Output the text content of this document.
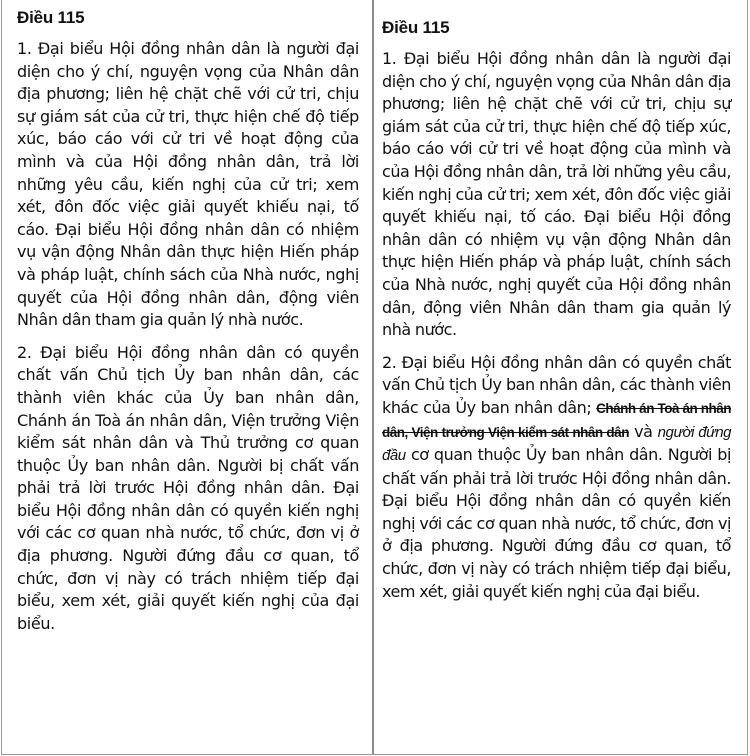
Điều 115

1. Đại biểu Hội đồng nhân dân là người đại diện cho ý chí, nguyện vọng của Nhân dân địa phương; liên hệ chặt chẽ với cử tri, chịu sự giám sát của cử tri, thực hiện chế độ tiếp xúc, báo cáo với cử tri về hoạt động của mình và của Hội đồng nhân dân, trả lời những yêu cầu, kiến nghị của cử tri; xem xét, đôn đốc việc giải quyết khiếu nại, tố cáo. Đại biểu Hội đồng nhân dân có nhiệm vụ vận động Nhân dân thực hiện Hiến pháp và pháp luật, chính sách của Nhà nước, nghị quyết của Hội đồng nhân dân, động viên Nhân dân tham gia quản lý nhà nước.

2. Đại biểu Hội đồng nhân dân có quyền chất vấn Chủ tịch Ủy ban nhân dân, các thành viên khác của Ủy ban nhân dân, Chánh án Toà án nhân dân, Viện trưởng Viện kiểm sát nhân dân và Thủ trưởng cơ quan thuộc Ủy ban nhân dân. Người bị chất vấn phải trả lời trước Hội đồng nhân dân. Đại biểu Hội đồng nhân dân có quyền kiến nghị với các cơ quan nhà nước, tổ chức, đơn vị ở địa phương. Người đứng đầu cơ quan, tổ chức, đơn vị này có trách nhiệm tiếp đại biểu, xem xét, giải quyết kiến nghị của đại biểu.

Điều 115

1. Đại biểu Hội đồng nhân dân là người đại diện cho ý chí, nguyện vọng của Nhân dân địa phương; liên hệ chặt chẽ với cử tri, chịu sự giám sát của cử tri, thực hiện chế độ tiếp xúc, báo cáo với cử tri về hoạt động của mình và của Hội đồng nhân dân, trả lời những yêu cầu, kiến nghị của cử tri; xem xét, đôn đốc việc giải quyết khiếu nại, tố cáo. Đại biểu Hội đồng nhân dân có nhiệm vụ vận động Nhân dân thực hiện Hiến pháp và pháp luật, chính sách của Nhà nước, nghị quyết của Hội đồng nhân dân, động viên Nhân dân tham gia quản lý nhà nước.

2. Đại biểu Hội đồng nhân dân có quyền chất vấn Chủ tịch Ủy ban nhân dân, các thành viên khác của Ủy ban nhân dân; Chánh án Toà án nhân dân, Viện trưởng Viện kiểm sát nhân dân và người đứng đầu cơ quan thuộc Ủy ban nhân dân. Người bị chất vấn phải trả lời trước Hội đồng nhân dân. Đại biểu Hội đồng nhân dân có quyền kiến nghị với các cơ quan nhà nước, tổ chức, đơn vị ở địa phương. Người đứng đầu cơ quan, tổ chức, đơn vị này có trách nhiệm tiếp đại biểu, xem xét, giải quyết kiến nghị của đại biểu.
